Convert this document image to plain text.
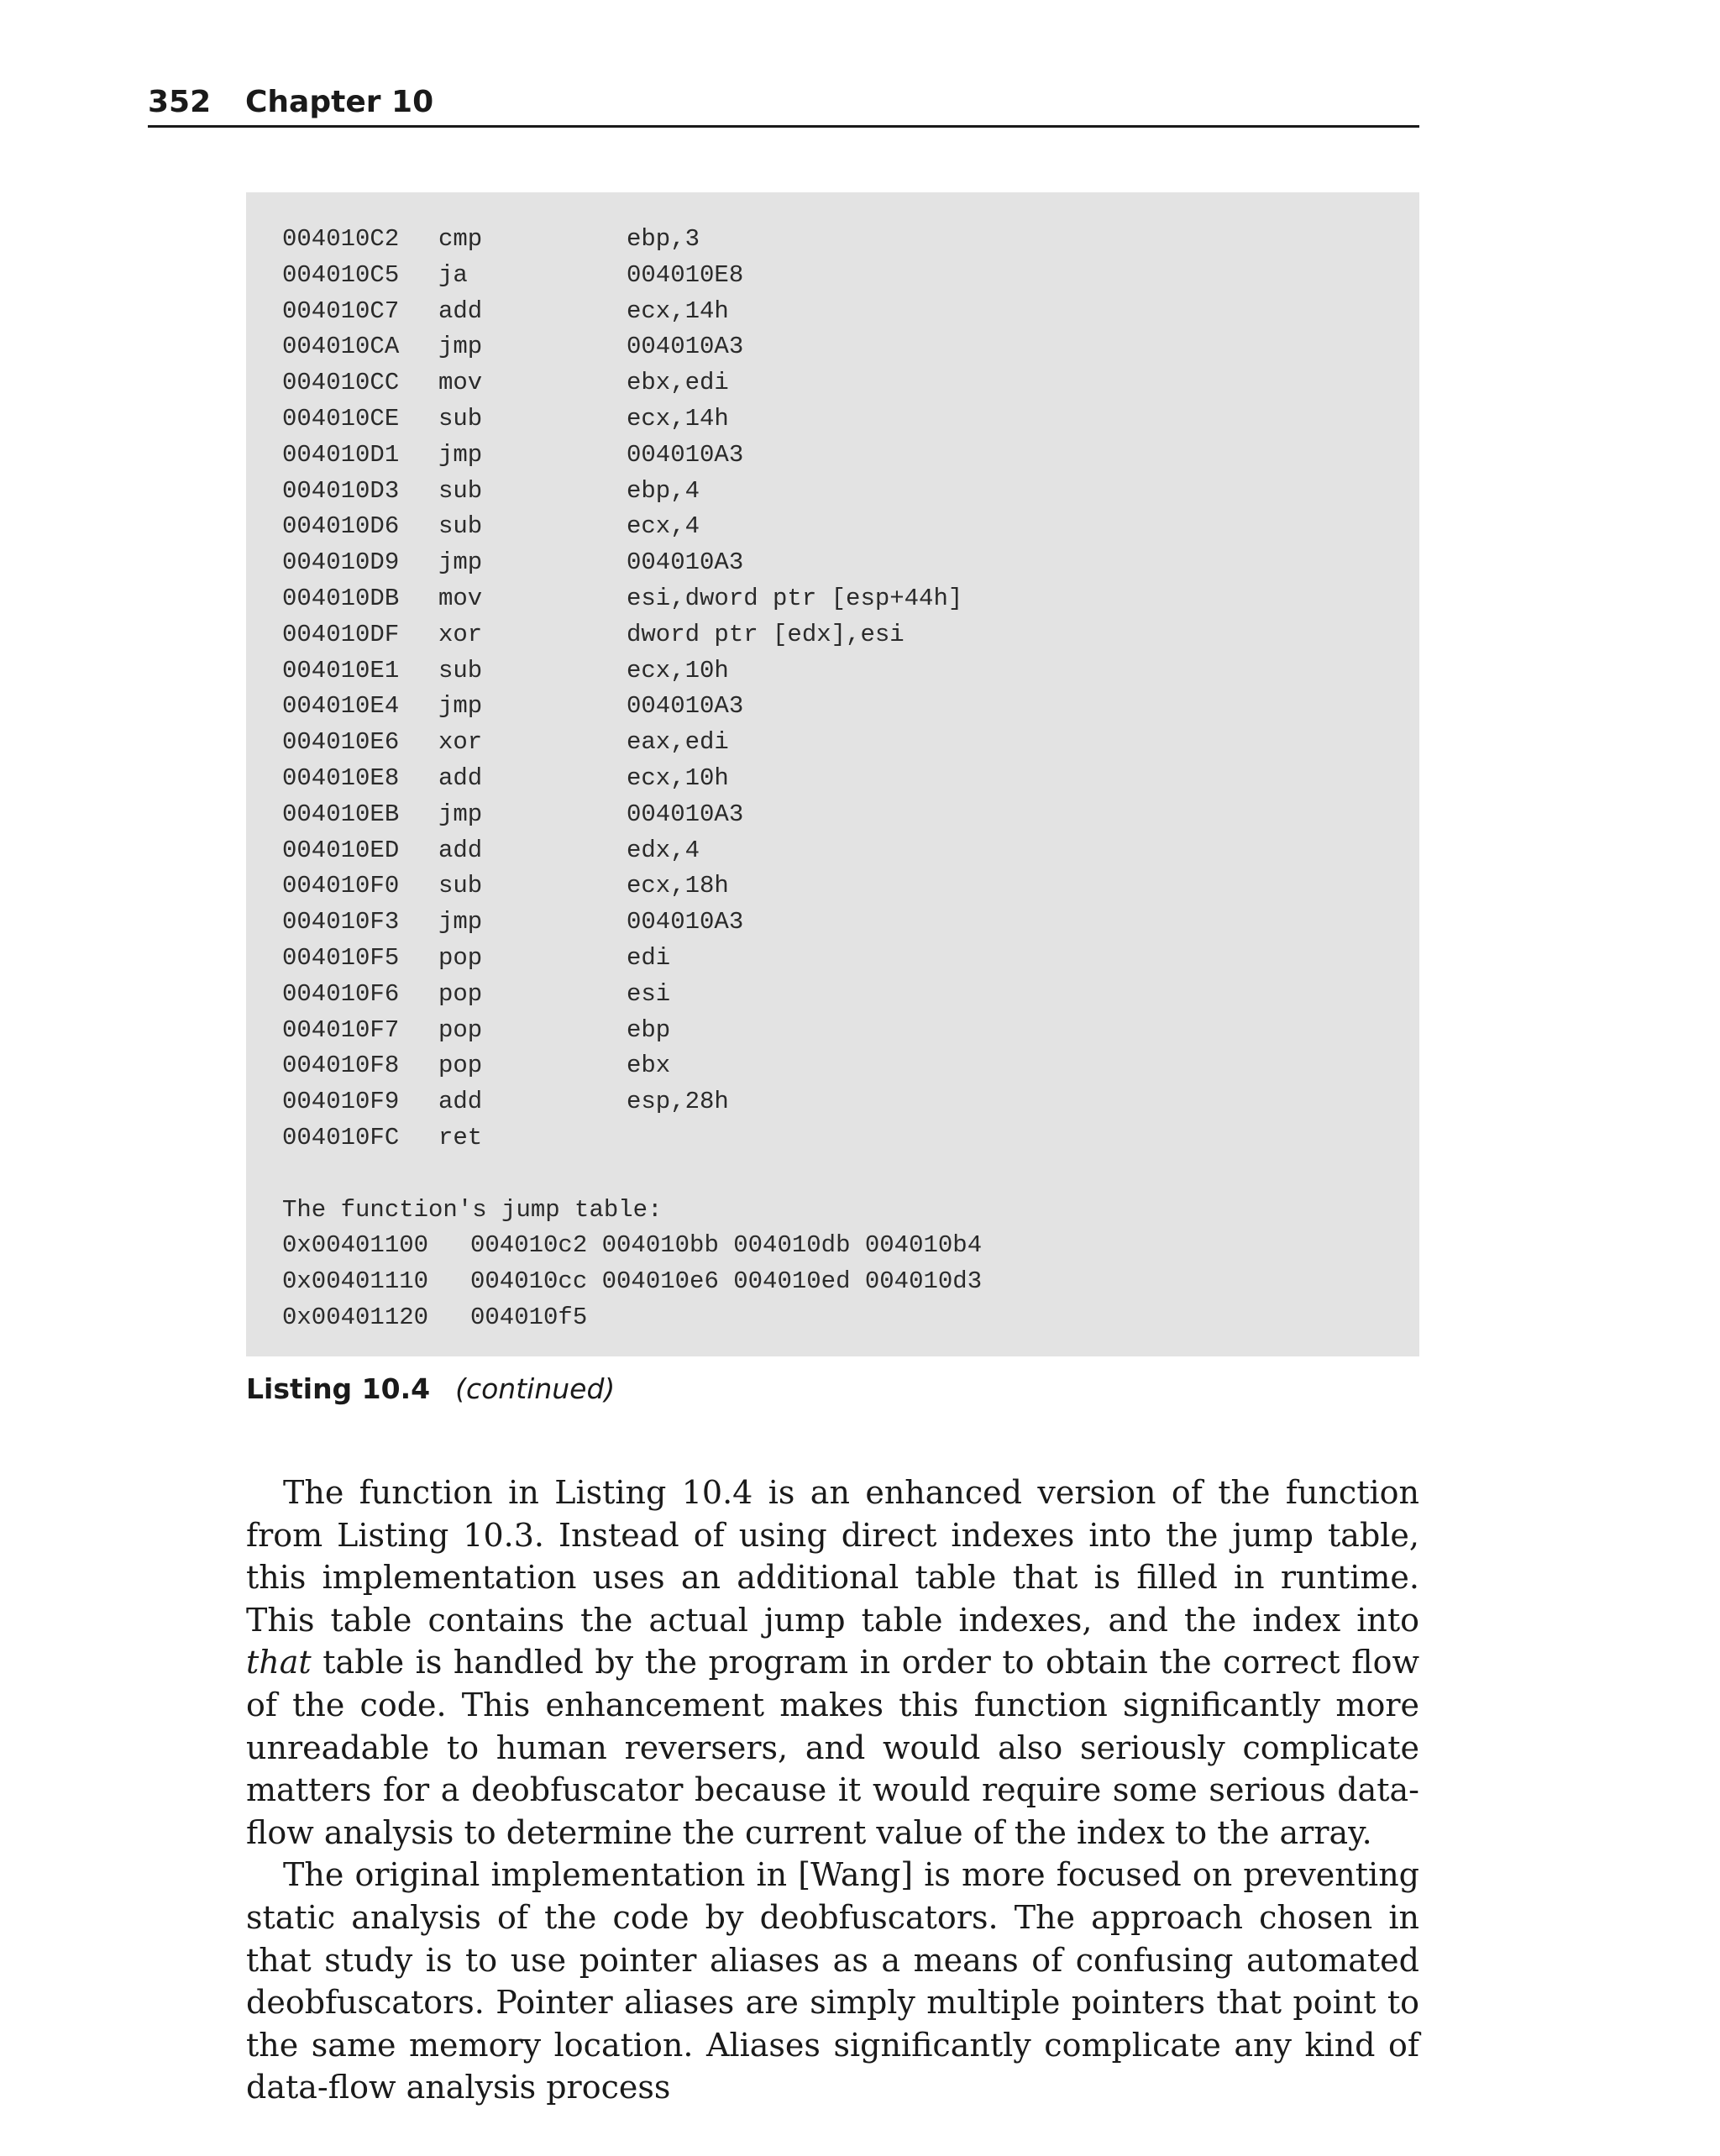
352 Chapter 10
004010C2 cmp	ebp,3
004010C5 ja	004010E8
004010C7 add	ecx,14h
004010CA jmp	004010A3
004010CC mov	ebx,edi
004010CE sub	ecx,14h
004010D1 jmp	004010A3
004010D3 sub	ebp,4
004010D6 sub	ecx,4
004010D9 jmp	004010A3
004010DB mov	esi,dword ptr [esp+44h]
004010DF xor	dword ptr [edx],esi
004010E1 sub	ecx,10h
004010E4 jmp	004010A3
004010E6 xor	eax,edi
004010E8 add	ecx,10h
004010EB jmp	004010A3
004010ED add	edx,4
004010F0 sub	ecx,18h
004010F3 jmp	004010A3
004010F5 pop	edi
004010F6 pop	esi
004010F7 pop	ebp
004010F8 pop	ebx
004010F9 add	esp,28h
004010FC ret
The function's jump table:
0x00401100 004010c2 004010bb 004010db 004010b4
0x00401110 004010cc 004010e6 004010ed 004010d3
0x00401120 004010f5
Listing 10.4 (continued)

The function in Listing 10.4 is an enhanced version of the function from Listing 10.3. Instead of using direct indexes into the jump table, this implementation uses an additional table that is filled in runtime. This table contains the actual jump table indexes, and the index into that table is handled by the program in order to obtain the correct flow of the code. This enhancement makes this function significantly more unreadable to human reversers, and would also seriously complicate matters for a deobfuscator because it would require some serious data-flow analysis to determine the current value of the index to the array.

The original implementation in [Wang] is more focused on preventing static analysis of the code by deobfuscators. The approach chosen in that study is to use pointer aliases as a means of confusing automated deobfuscators. Pointer aliases are simply multiple pointers that point to the same memory location. Aliases significantly complicate any kind of data-flow analysis process
